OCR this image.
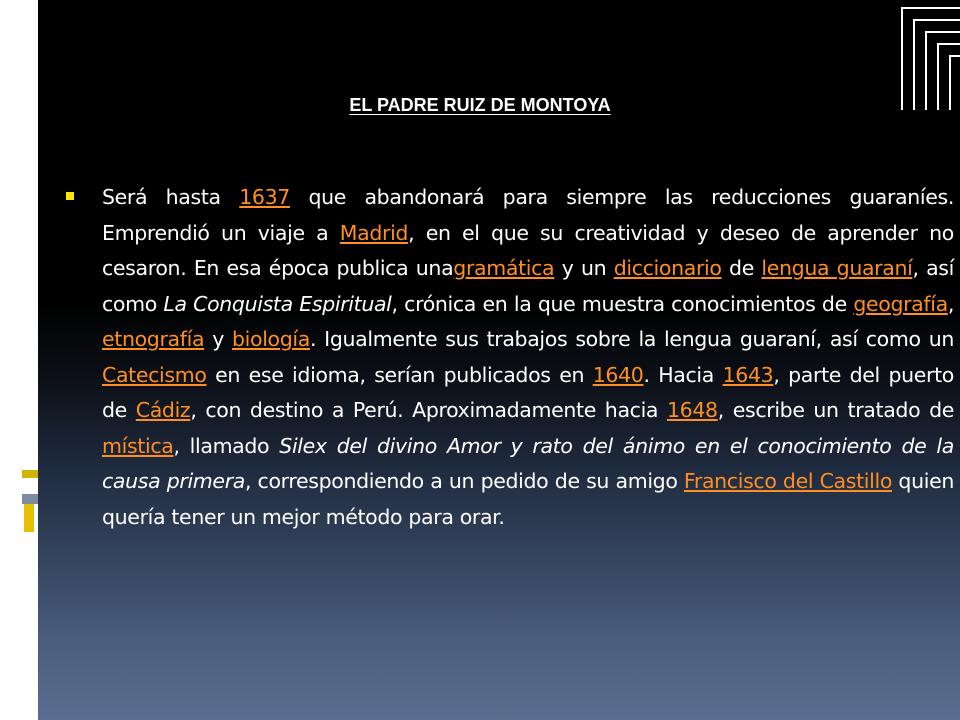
EL PADRE RUIZ DE MONTOYA
Será hasta 1637 que abandonará para siempre las reducciones guaraníes. Emprendió un viaje a Madrid, en el que su creatividad y deseo de aprender no cesaron. En esa época publica unagramática y un diccionario de lengua guaraní, así como La Conquista Espiritual, crónica en la que muestra conocimientos de geografía, etnografía y biología. Igualmente sus trabajos sobre la lengua guaraní, así como un Catecismo en ese idioma, serían publicados en 1640. Hacia 1643, parte del puerto de Cádiz, con destino a Perú. Aproximadamente hacia 1648, escribe un tratado de mística, llamado Silex del divino Amor y rato del ánimo en el conocimiento de la causa primera, correspondiendo a un pedido de su amigo Francisco del Castillo quien quería tener un mejor método para orar.
